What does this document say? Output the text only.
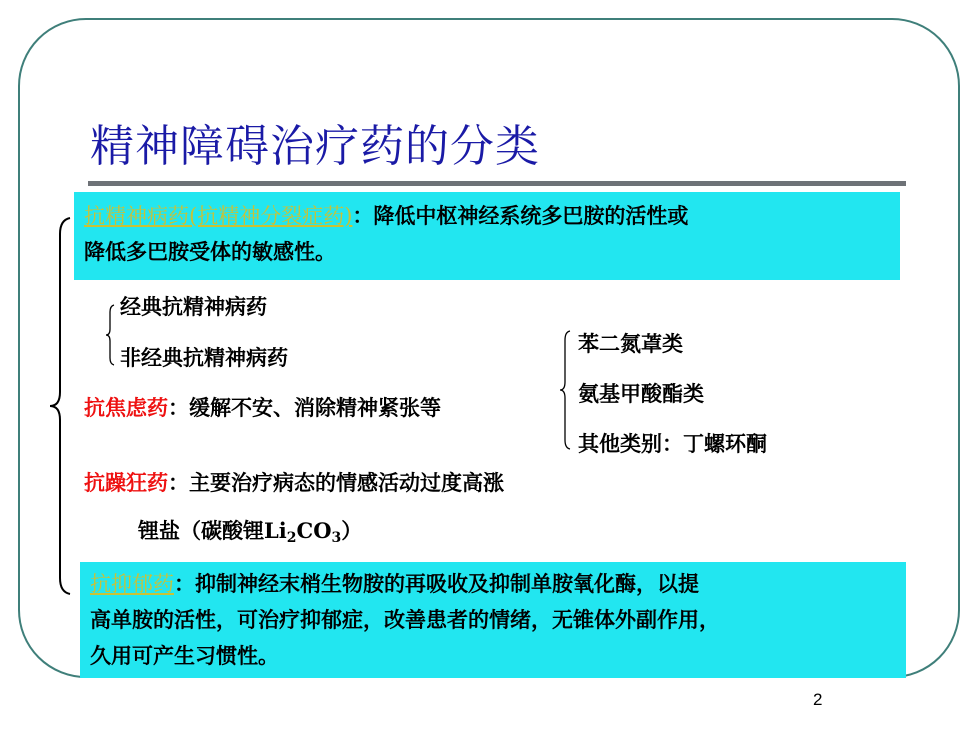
精神障碍治疗药的分类
抗精神病药(抗精神分裂症药)：降低中枢神经系统多巴胺的活性或
降低多巴胺受体的敏感性。
经典抗精神病药
非经典抗精神病药
抗焦虑药：缓解不安、消除精神紧张等
苯二氮䓬类
氨基甲酸酯类
其他类别：丁螺环酮
抗躁狂药：主要治疗病态的情感活动过度高涨
锂盐（碳酸锂$Li_2CO_3$）
抗抑郁药：抑制神经末梢生物胺的再吸收及抑制单胺氧化酶，以提
高单胺的活性，可治疗抑郁症，改善患者的情绪，无锥体外副作用，
久用可产生习惯性。
2
